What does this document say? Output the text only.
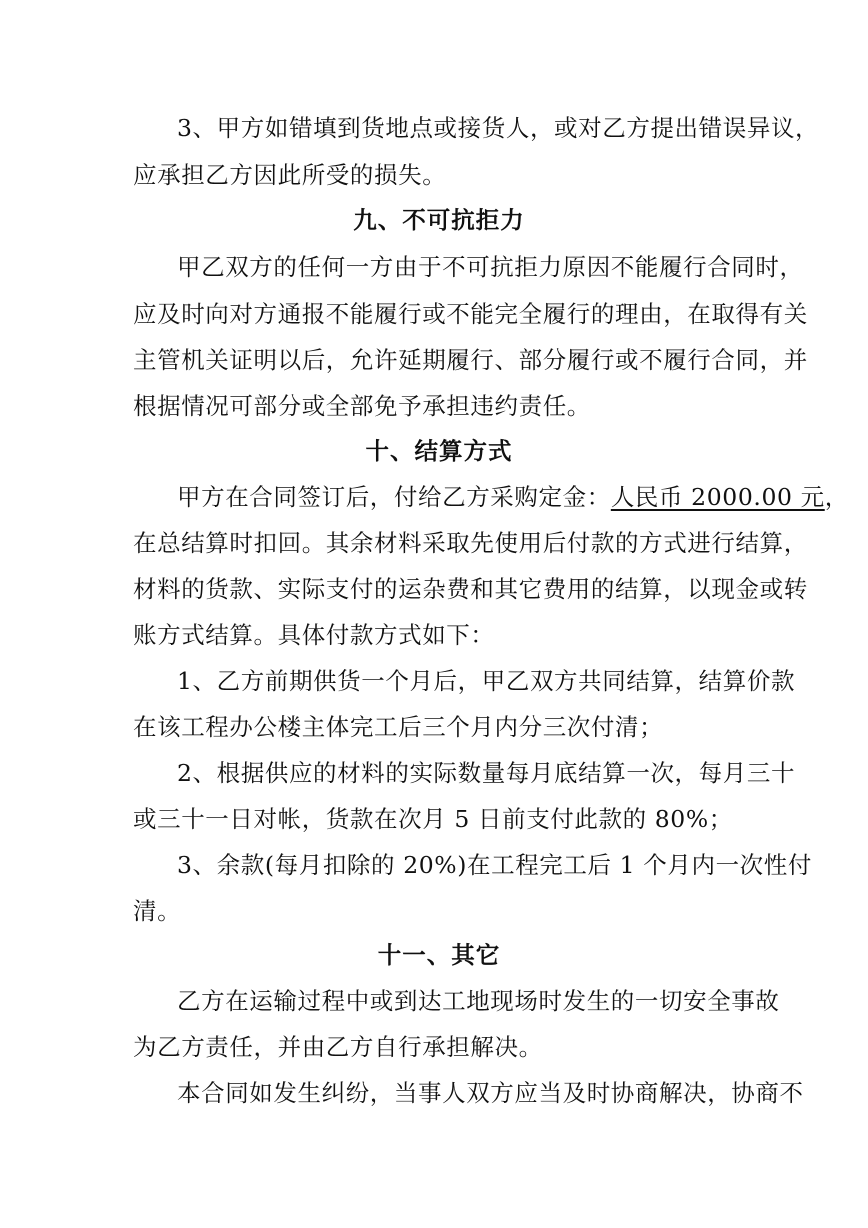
3、甲方如错填到货地点或接货人，或对乙方提出错误异议，
应承担乙方因此所受的损失。
九、不可抗拒力
甲乙双方的任何一方由于不可抗拒力原因不能履行合同时，
应及时向对方通报不能履行或不能完全履行的理由，在取得有关
主管机关证明以后，允许延期履行、部分履行或不履行合同，并
根据情况可部分或全部免予承担违约责任。
十、结算方式
甲方在合同签订后，付给乙方采购定金：人民币 2000.00 元，
在总结算时扣回。其余材料采取先使用后付款的方式进行结算，
材料的货款、实际支付的运杂费和其它费用的结算，以现金或转
账方式结算。具体付款方式如下：
1、乙方前期供货一个月后，甲乙双方共同结算，结算价款
在该工程办公楼主体完工后三个月内分三次付清；
2、根据供应的材料的实际数量每月底结算一次，每月三十
或三十一日对帐，货款在次月 5 日前支付此款的 80%；
3、余款(每月扣除的 20%)在工程完工后 1 个月内一次性付
清。
十一、其它
乙方在运输过程中或到达工地现场时发生的一切安全事故
为乙方责任，并由乙方自行承担解决。
本合同如发生纠纷，当事人双方应当及时协商解决，协商不
